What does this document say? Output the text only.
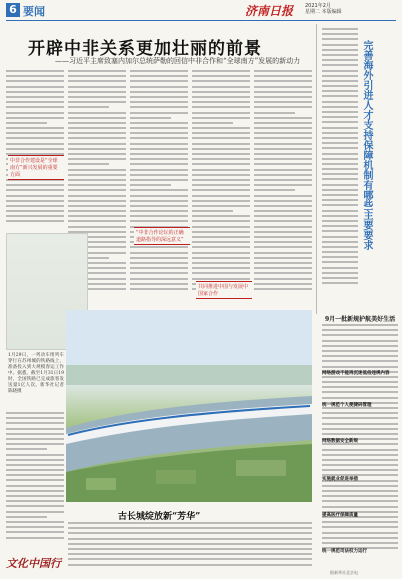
6 要闻	济南日报 2021年2月
星期二 本版编辑
开辟中非关系更加壮丽的前景
——习近平主席致塞内加尔总统萨勒的回信中非合作和“全球南方”发展的新动力
中非合作建设是“全球南方”新兴发展的重要方面
“中非合作论坛的正确道路指导的深远意义”
共同推进中国与发展中国家合作
1月29日，一列动车组列车穿行在苏州城的铁路线上，准备投入到大规模春运工作中。据悉，截至1月31日19时，全国铁路已完成旅客发送量1亿人次。新华社记者 陈晓摄
古长城绽放新“芳华”
文化中国行
完善海外引进人才支持保障机制有哪些主要要求
9月一批新规护航美好生活
网络游戏不能再沉迷低俗违规内容
统一规范个人便捷码管理
网络数据安全新规
实施就业促进举措
提高医疗保障质量
统一规范司法权力运行
据新华社北京电
